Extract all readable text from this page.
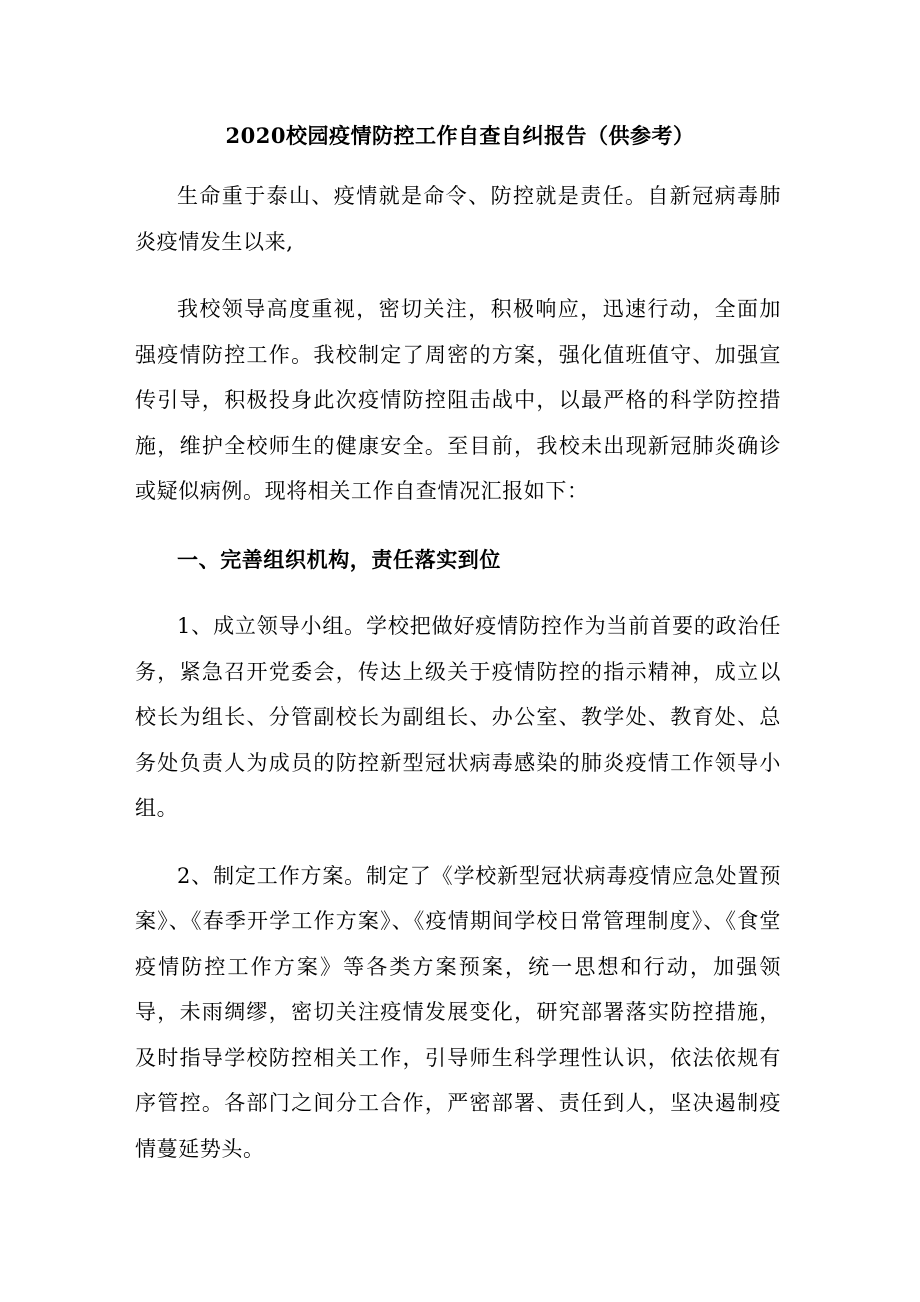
2020校园疫情防控工作自查自纠报告（供参考）

生命重于泰山、疫情就是命令、防控就是责任。自新冠病毒肺炎疫情发生以来,

我校领导高度重视，密切关注，积极响应，迅速行动，全面加强疫情防控工作。我校制定了周密的方案，强化值班值守、加强宣传引导，积极投身此次疫情防控阻击战中，以最严格的科学防控措施，维护全校师生的健康安全。至目前，我校未出现新冠肺炎确诊或疑似病例。现将相关工作自查情况汇报如下：

一、完善组织机构，责任落实到位

1、成立领导小组。学校把做好疫情防控作为当前首要的政治任务，紧急召开党委会，传达上级关于疫情防控的指示精神，成立以校长为组长、分管副校长为副组长、办公室、教学处、教育处、总务处负责人为成员的防控新型冠状病毒感染的肺炎疫情工作领导小组。

2、制定工作方案。制定了《学校新型冠状病毒疫情应急处置预案》、《春季开学工作方案》、《疫情期间学校日常管理制度》、《食堂疫情防控工作方案》等各类方案预案，统一思想和行动，加强领导，未雨绸缪，密切关注疫情发展变化，研究部署落实防控措施，及时指导学校防控相关工作，引导师生科学理性认识，依法依规有序管控。各部门之间分工合作，严密部署、责任到人，坚决遏制疫情蔓延势头。
